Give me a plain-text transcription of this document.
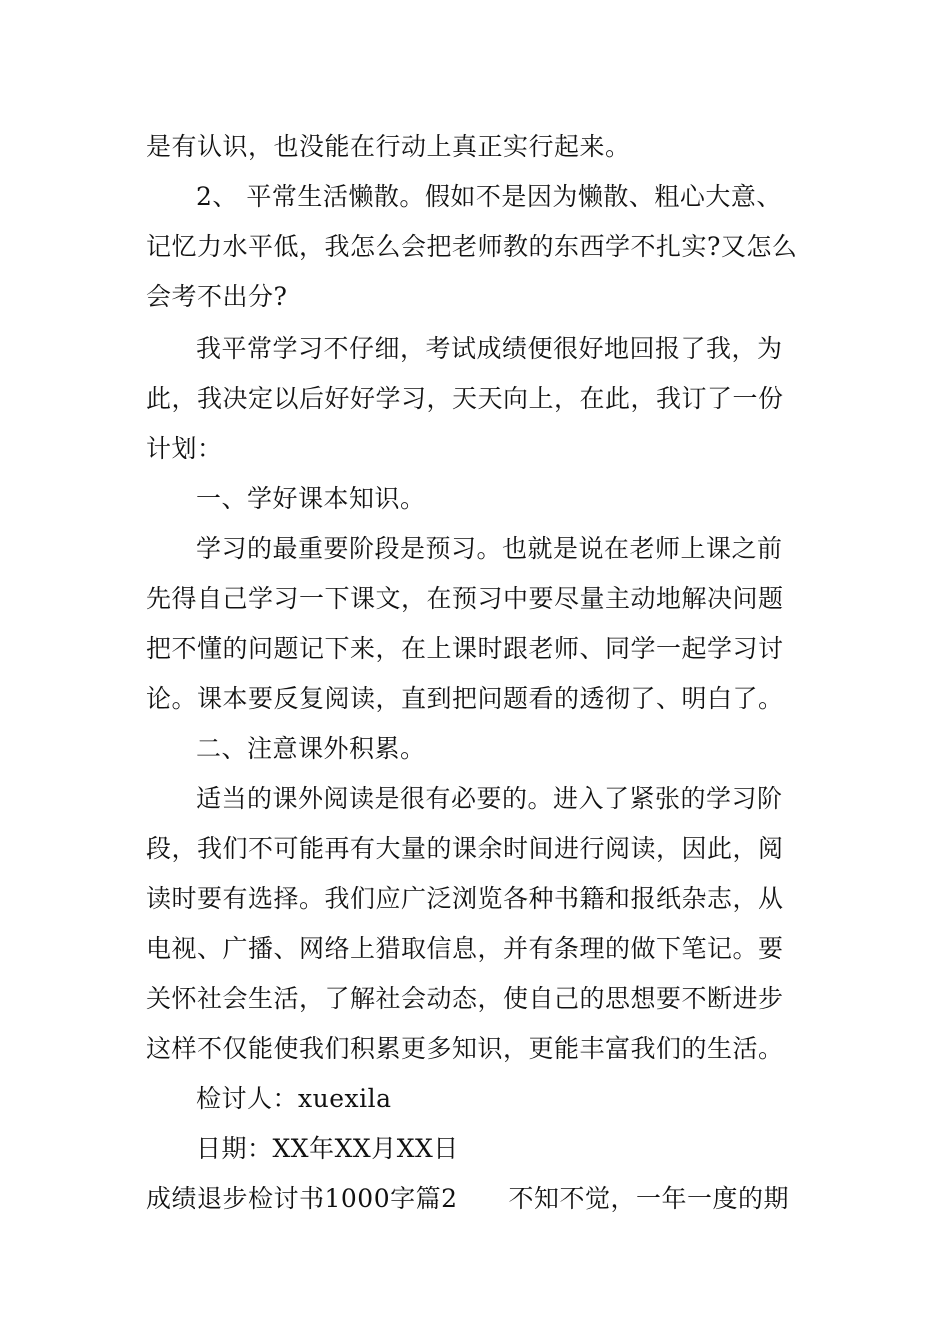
是有认识，也没能在行动上真正实行起来。
2、 平常生活懒散。假如不是因为懒散、粗心大意、
记忆力水平低，我怎么会把老师教的东西学不扎实?又怎么
会考不出分?
我平常学习不仔细，考试成绩便很好地回报了我，为
此，我决定以后好好学习，天天向上，在此，我订了一份
计划：
一、学好课本知识。
学习的最重要阶段是预习。也就是说在老师上课之前
先得自己学习一下课文，在预习中要尽量主动地解决问题
把不懂的问题记下来，在上课时跟老师、同学一起学习讨
论。课本要反复阅读，直到把问题看的透彻了、明白了。
二、注意课外积累。
适当的课外阅读是很有必要的。进入了紧张的学习阶
段，我们不可能再有大量的课余时间进行阅读，因此，阅
读时要有选择。我们应广泛浏览各种书籍和报纸杂志，从
电视、广播、网络上猎取信息，并有条理的做下笔记。要
关怀社会生活，了解社会动态，使自己的思想要不断进步
这样不仅能使我们积累更多知识，更能丰富我们的生活。
检讨人：xuexila
日期：XX年XX月XX日
成绩退步检讨书1000字篇2　　不知不觉，一年一度的期
